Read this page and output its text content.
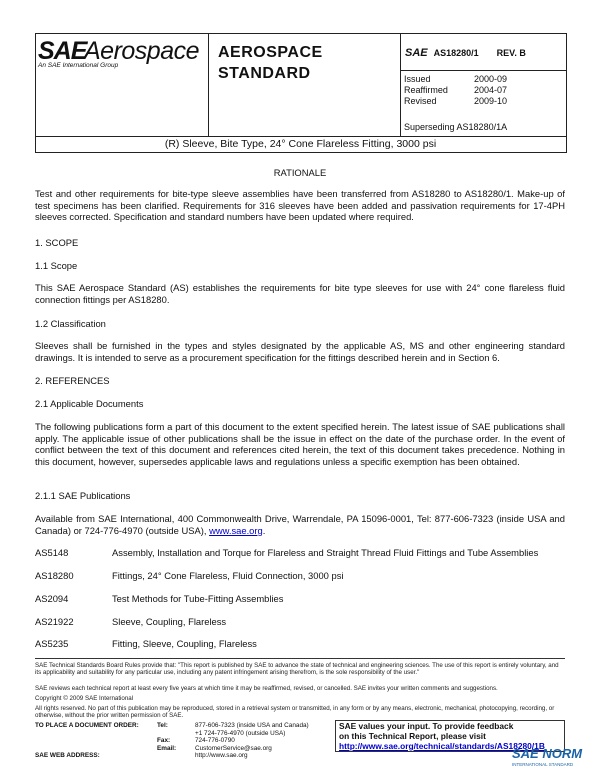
SAE
Aerospace
An SAE International Group
AEROSPACE
STANDARD
SAE AS18280/1 REV. B
Issued	2000-09
Reaffirmed	2004-07
Revised	2009-10
Superseding AS18280/1A
(R) Sleeve, Bite Type, 24° Cone Flareless Fitting, 3000 psi
RATIONALE
Test and other requirements for bite-type sleeve assemblies have been transferred from AS18280 to AS18280/1. Make-up of test specimens has been clarified. Requirements for 316 sleeves have been added and passivation requirements for 17-4PH sleeves corrected. Specification and standard numbers have been updated where required.
1. SCOPE
1.1 Scope
This SAE Aerospace Standard (AS) establishes the requirements for bite type sleeves for use with 24° cone flareless fluid connection fittings per AS18280.
1.2 Classification
Sleeves shall be furnished in the types and styles designated by the applicable AS, MS and other engineering standard drawings. It is intended to serve as a procurement specification for the fittings described herein and in Section 6.
2. REFERENCES
2.1 Applicable Documents
The following publications form a part of this document to the extent specified herein. The latest issue of SAE publications shall apply. The applicable issue of other publications shall be the issue in effect on the date of the purchase order. In the event of conflict between the text of this document and references cited herein, the text of this document takes precedence. Nothing in this document, however, supersedes applicable laws and regulations unless a specific exemption has been obtained.
2.1.1 SAE Publications
Available from SAE International, 400 Commonwealth Drive, Warrendale, PA 15096-0001, Tel: 877-606-7323 (inside USA and Canada) or 724-776-4970 (outside USA), www.sae.org.
AS5148	Assembly, Installation and Torque for Flareless and Straight Thread Fluid Fittings and Tube Assemblies
AS18280	Fittings, 24° Cone Flareless, Fluid Connection, 3000 psi
AS2094	Test Methods for Tube-Fitting Assemblies
AS21922	Sleeve, Coupling, Flareless
AS5235	Fitting, Sleeve, Coupling, Flareless
SAE Technical Standards Board Rules provide that: "This report is published by SAE to advance the state of technical and engineering sciences. The use of this report is entirely voluntary, and its applicability and suitability for any particular use, including any patent infringement arising therefrom, is the sole responsibility of the user."
SAE reviews each technical report at least every five years at which time it may be reaffirmed, revised, or cancelled. SAE invites your written comments and suggestions.
Copyright © 2009 SAE International
All rights reserved. No part of this publication may be reproduced, stored in a retrieval system or transmitted, in any form or by any means, electronic, mechanical, photocopying, recording, or otherwise, without the prior written permission of SAE.
TO PLACE A DOCUMENT ORDER:	Tel:	877-606-7323 (inside USA and Canada)
		+1 724-776-4970 (outside USA)
	Fax:	724-776-0790
	Email:	CustomerService@sae.org
SAE WEB ADDRESS:		http://www.sae.org
SAE values your input. To provide feedback
on this Technical Report, please visit
http://www.sae.org/technical/standards/AS18280/1B
SAE NORM
INTERNATIONAL STANDARD
